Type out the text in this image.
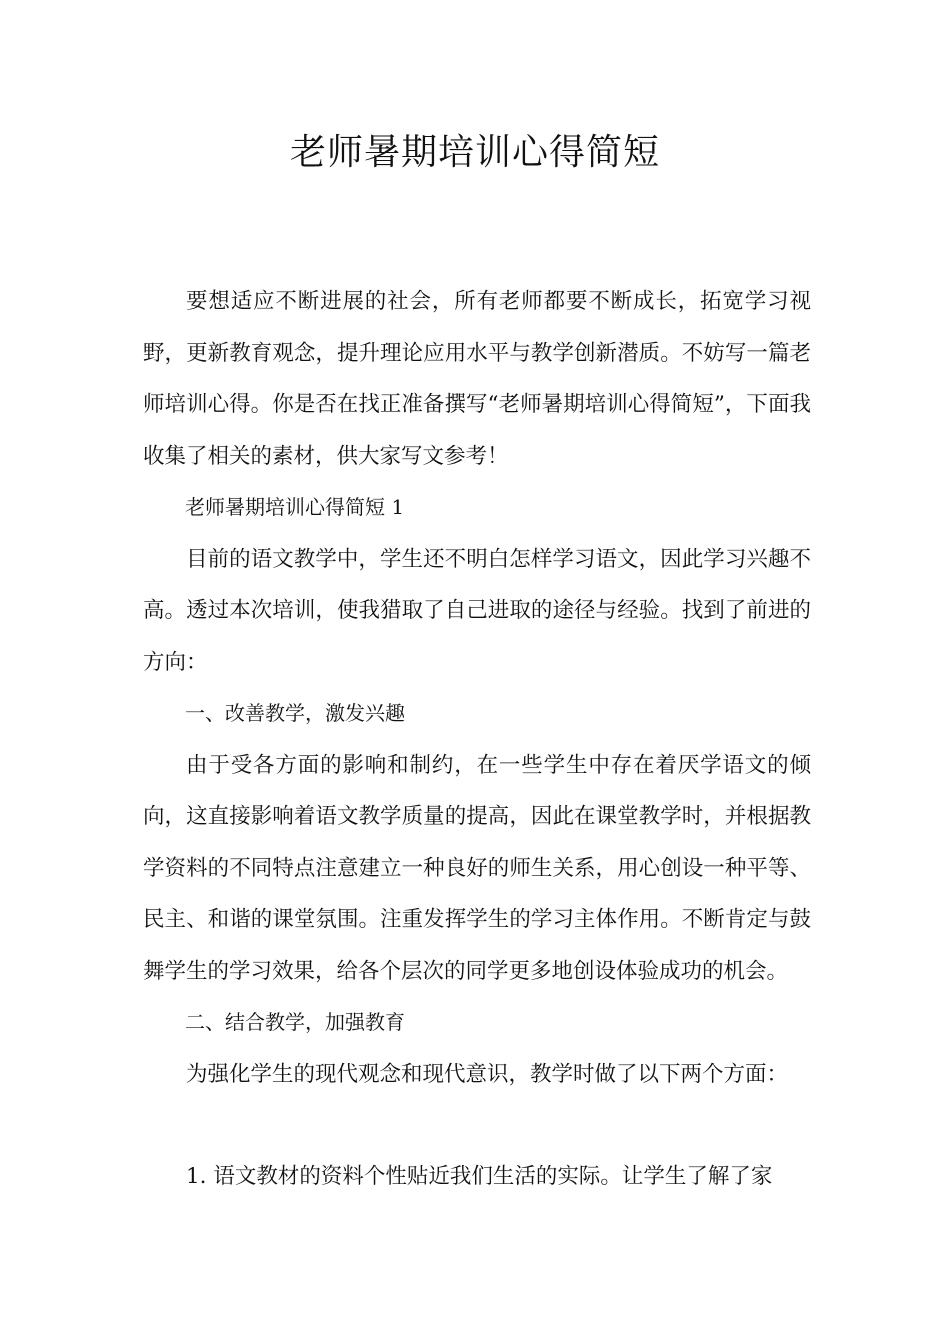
老师暑期培训心得简短

要想适应不断进展的社会，所有老师都要不断成长，拓宽学习视野，更新教育观念，提升理论应用水平与教学创新潜质。不妨写一篇老师培训心得。你是否在找正准备撰写“老师暑期培训心得简短”，下面我收集了相关的素材，供大家写文参考！

老师暑期培训心得简短 1

目前的语文教学中，学生还不明白怎样学习语文，因此学习兴趣不高。透过本次培训，使我猎取了自己进取的途径与经验。找到了前进的方向：

一、改善教学，激发兴趣

由于受各方面的影响和制约，在一些学生中存在着厌学语文的倾向，这直接影响着语文教学质量的提高，因此在课堂教学时，并根据教学资料的不同特点注意建立一种良好的师生关系，用心创设一种平等、民主、和谐的课堂氛围。注重发挥学生的学习主体作用。不断肯定与鼓舞学生的学习效果，给各个层次的同学更多地创设体验成功的机会。

二、结合教学，加强教育

为强化学生的现代观念和现代意识，教学时做了以下两个方面：

1. 语文教材的资料个性贴近我们生活的实际。让学生了解了家
